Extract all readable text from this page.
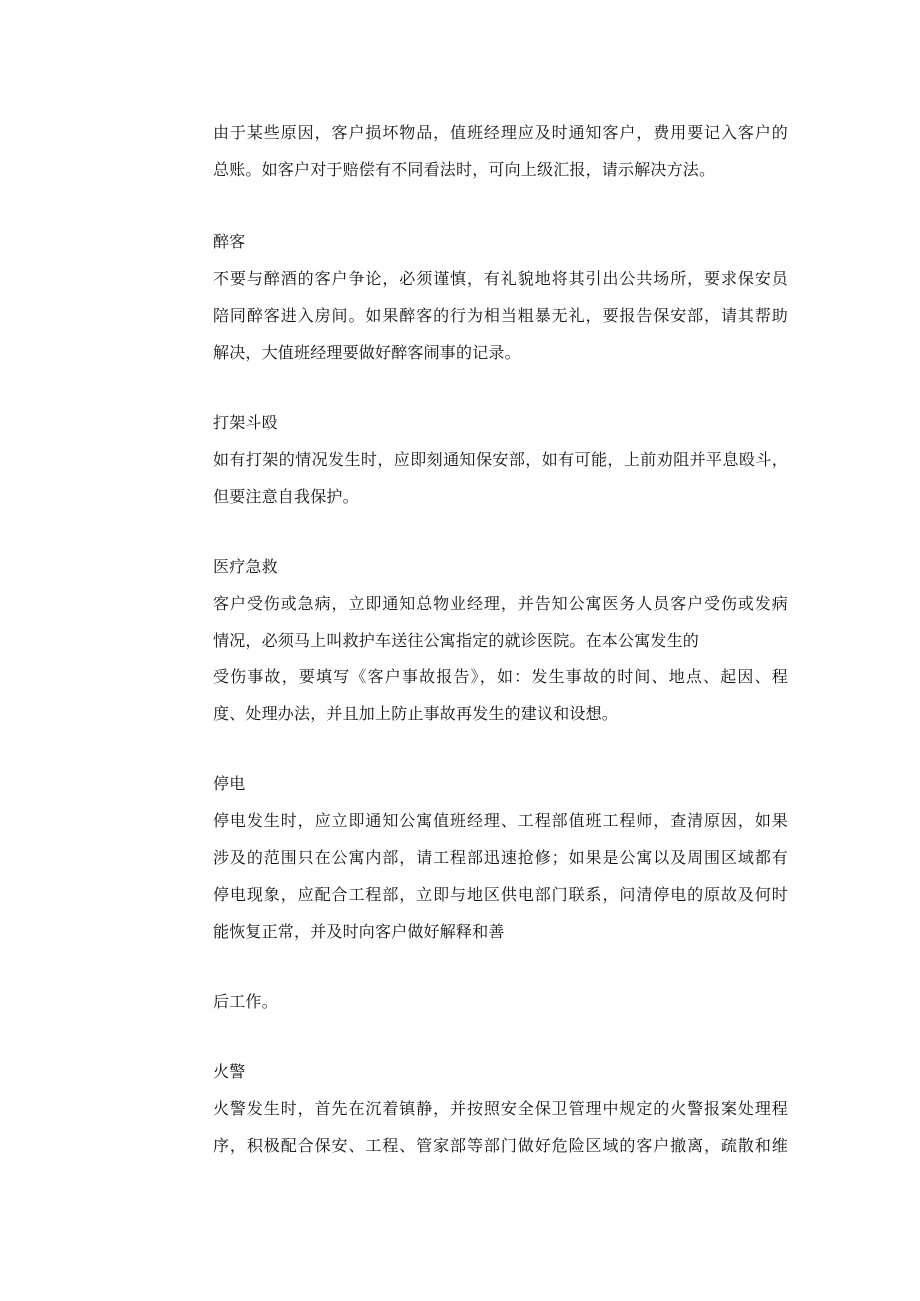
由于某些原因，客户损坏物品，值班经理应及时通知客户，费用要记入客户的
总账。如客户对于赔偿有不同看法时，可向上级汇报，请示解决方法。
醉客
不要与醉酒的客户争论，必须谨慎，有礼貌地将其引出公共场所，要求保安员
陪同醉客进入房间。如果醉客的行为相当粗暴无礼，要报告保安部，请其帮助
解决，大值班经理要做好醉客闹事的记录。
打架斗殴
如有打架的情况发生时，应即刻通知保安部，如有可能，上前劝阻并平息殴斗，
但要注意自我保护。
医疗急救
客户受伤或急病，立即通知总物业经理，并告知公寓医务人员客户受伤或发病
情况，必须马上叫救护车送往公寓指定的就诊医院。在本公寓发生的
受伤事故，要填写《客户事故报告》，如：发生事故的时间、地点、起因、程
度、处理办法，并且加上防止事故再发生的建议和设想。
停电
停电发生时，应立即通知公寓值班经理、工程部值班工程师，查清原因，如果
涉及的范围只在公寓内部，请工程部迅速抢修；如果是公寓以及周围区域都有
停电现象，应配合工程部，立即与地区供电部门联系，问清停电的原故及何时
能恢复正常，并及时向客户做好解释和善
后工作。
火警
火警发生时，首先在沉着镇静，并按照安全保卫管理中规定的火警报案处理程
序，积极配合保安、工程、管家部等部门做好危险区域的客户撤离，疏散和维
